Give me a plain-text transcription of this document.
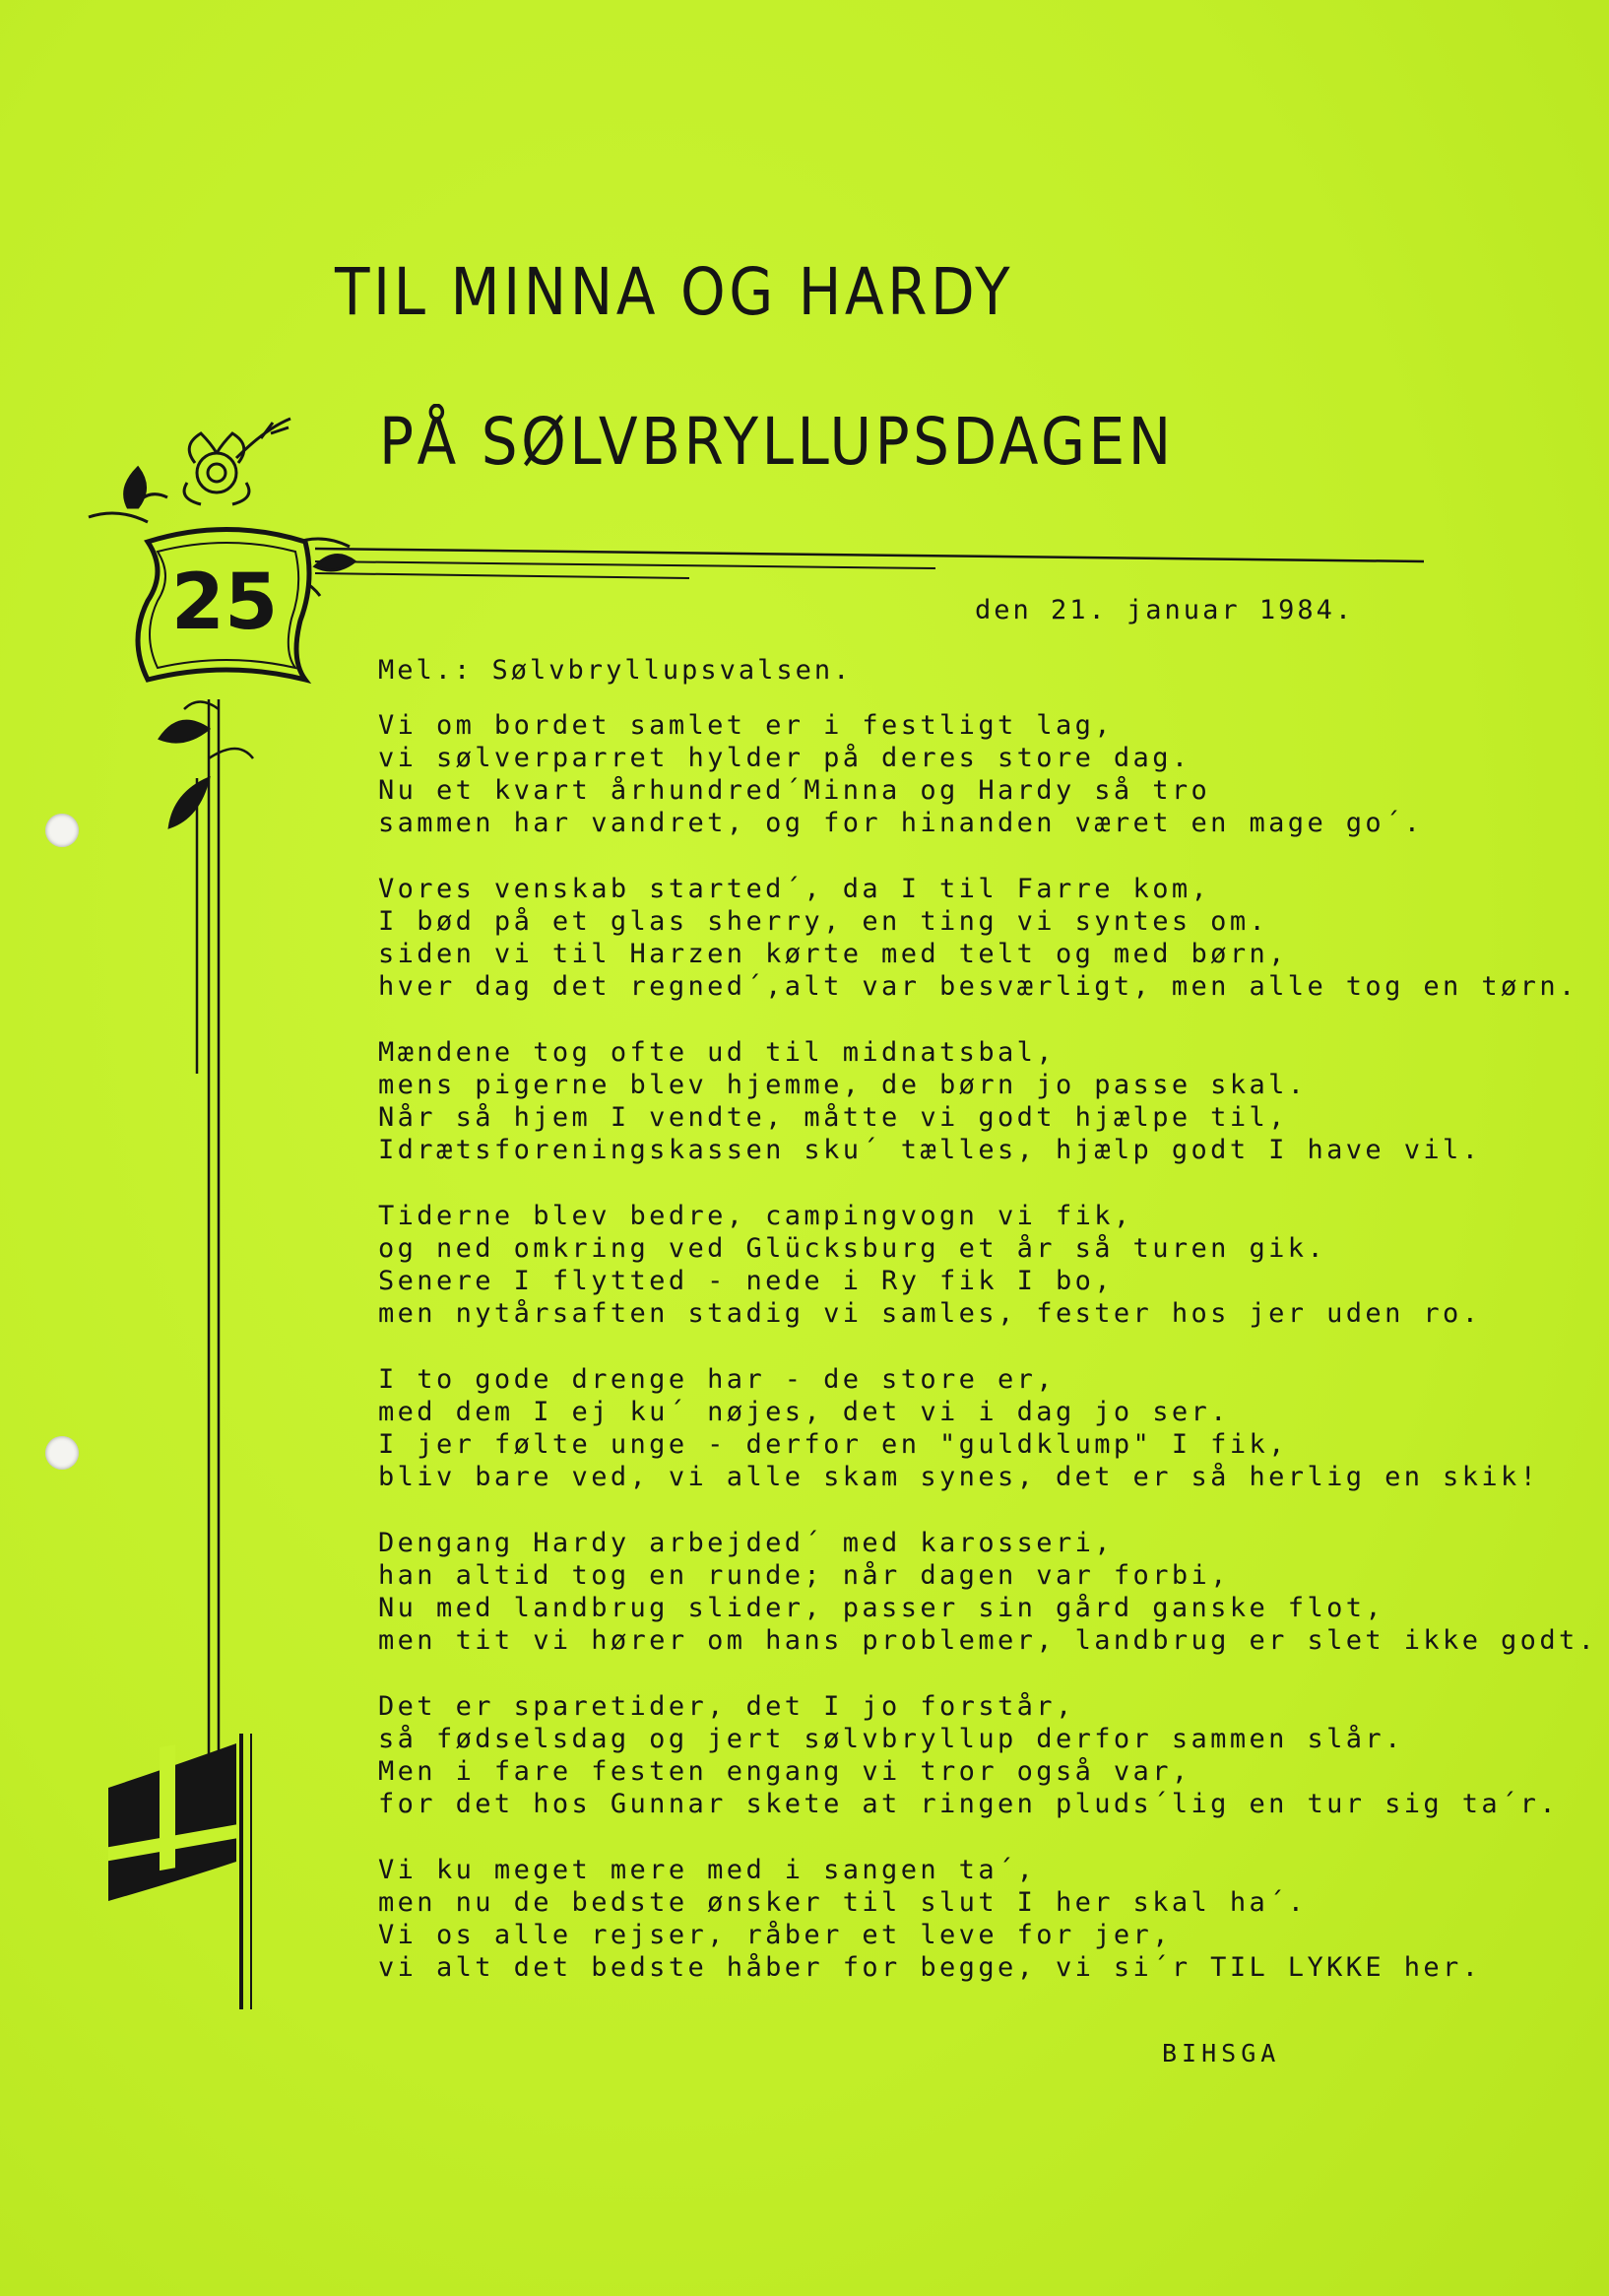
TIL MINNA OG HARDY
PÅ SØLVBRYLLUPSDAGEN
25	den 21. januar 1984.
Mel.: Sølvbryllupsvalsen.
Vi om bordet samlet er i festligt lag,
vi sølverparret hylder på deres store dag.
Nu et kvart århundred´Minna og Hardy så tro
sammen har vandret, og for hinanden været en mage go´.
Vores venskab started´, da I til Farre kom,
I bød på et glas sherry, en ting vi syntes om.
siden vi til Harzen kørte med telt og med børn,
hver dag det regned´,alt var besværligt, men alle tog en tørn.
Mændene tog ofte ud til midnatsbal,
mens pigerne blev hjemme, de børn jo passe skal.
Når så hjem I vendte, måtte vi godt hjælpe til,
Idrætsforeningskassen sku´ tælles, hjælp godt I have vil.
Tiderne blev bedre, campingvogn vi fik,
og ned omkring ved Glücksburg et år så turen gik.
Senere I flytted - nede i Ry fik I bo,
men nytårsaften stadig vi samles, fester hos jer uden ro.
I to gode drenge har - de store er,
med dem I ej ku´ nøjes, det vi i dag jo ser.
I jer følte unge - derfor en "guldklump" I fik,
bliv bare ved, vi alle skam synes, det er så herlig en skik!
Dengang Hardy arbejded´ med karosseri,
han altid tog en runde; når dagen var forbi,
Nu med landbrug slider, passer sin gård ganske flot,
men tit vi hører om hans problemer, landbrug er slet ikke godt.
Det er sparetider, det I jo forstår,
så fødselsdag og jert sølvbryllup derfor sammen slår.
Men i fare festen engang vi tror også var,
for det hos Gunnar skete at ringen pluds´lig en tur sig ta´r.
Vi ku meget mere med i sangen ta´,
men nu de bedste ønsker til slut I her skal ha´.
Vi os alle rejser, råber et leve for jer,
vi alt det bedste håber for begge, vi si´r TIL LYKKE her.
BIHSGA
